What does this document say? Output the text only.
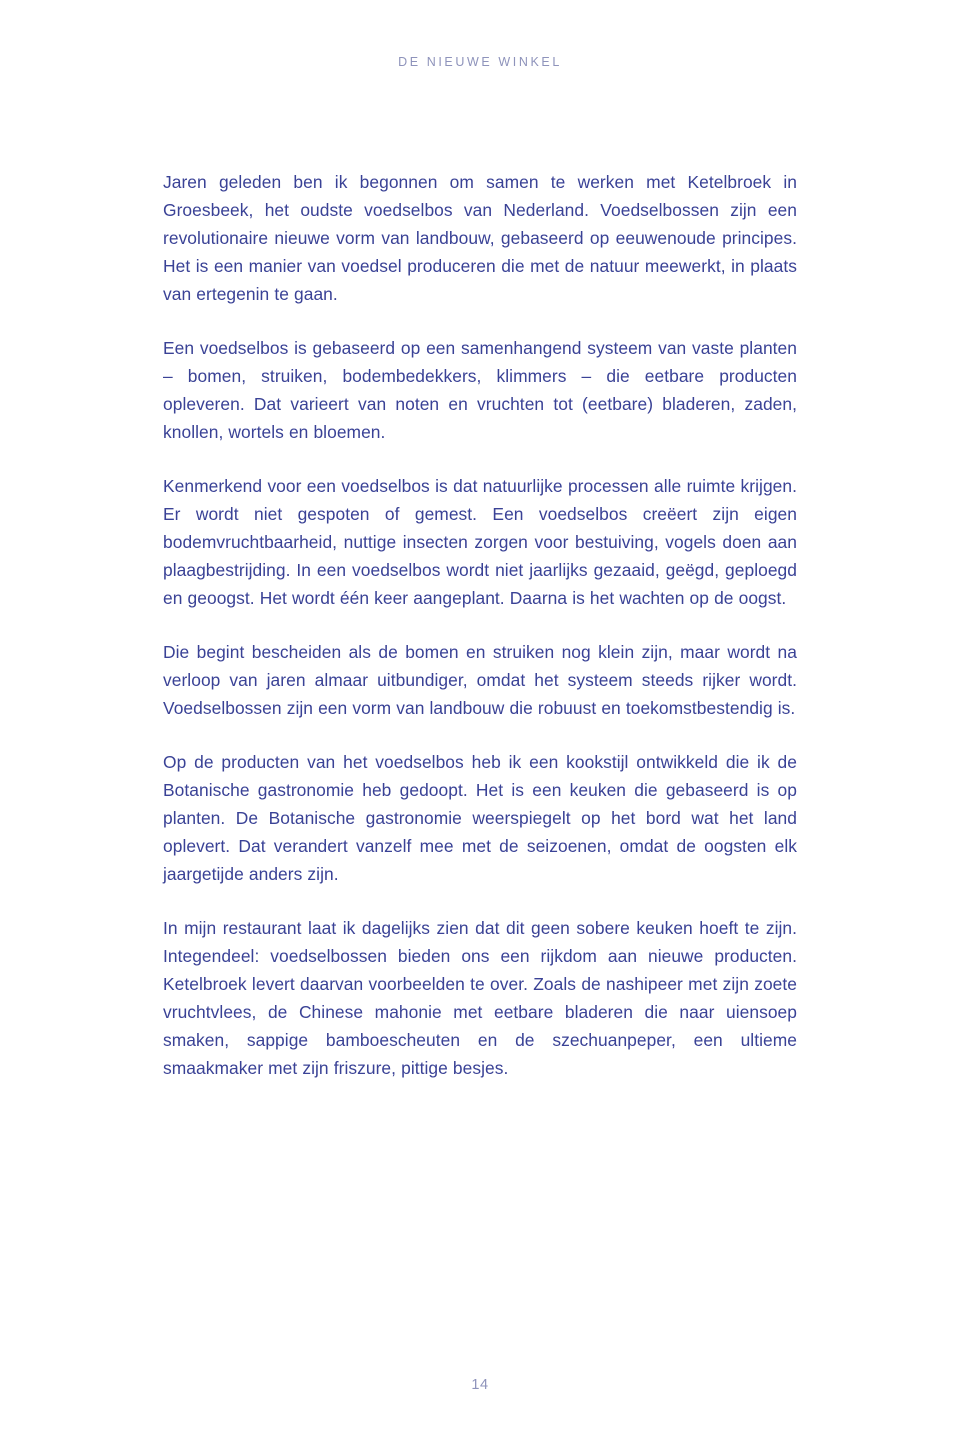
DE NIEUWE WINKEL

Jaren geleden ben ik begonnen om samen te werken met Ketelbroek in Groesbeek, het oudste voedselbos van Nederland. Voedselbossen zijn een revolutionaire nieuwe vorm van landbouw, gebaseerd op eeuwenoude principes. Het is een manier van voedsel produceren die met de natuur meewerkt, in plaats van ertegenin te gaan.

Een voedselbos is gebaseerd op een samenhangend systeem van vaste planten – bomen, struiken, bodembedekkers, klimmers – die eetbare producten opleveren. Dat varieert van noten en vruchten tot (eetbare) bladeren, zaden, knollen, wortels en bloemen.

Kenmerkend voor een voedselbos is dat natuurlijke processen alle ruimte krijgen. Er wordt niet gespoten of gemest. Een voedselbos creëert zijn eigen bodemvruchtbaarheid, nuttige insecten zorgen voor bestuiving, vogels doen aan plaagbestrijding. In een voedselbos wordt niet jaarlijks gezaaid, geëgd, geploegd en geoogst. Het wordt één keer aangeplant. Daarna is het wachten op de oogst.

Die begint bescheiden als de bomen en struiken nog klein zijn, maar wordt na verloop van jaren almaar uitbundiger, omdat het systeem steeds rijker wordt. Voedselbossen zijn een vorm van landbouw die robuust en toekomstbestendig is.

Op de producten van het voedselbos heb ik een kookstijl ontwikkeld die ik de Botanische gastronomie heb gedoopt. Het is een keuken die gebaseerd is op planten. De Botanische gastronomie weerspiegelt op het bord wat het land oplevert. Dat verandert vanzelf mee met de seizoenen, omdat de oogsten elk jaargetijde anders zijn.

In mijn restaurant laat ik dagelijks zien dat dit geen sobere keuken hoeft te zijn. Integendeel: voedselbossen bieden ons een rijkdom aan nieuwe producten. Ketelbroek levert daarvan voorbeelden te over. Zoals de nashipeer met zijn zoete vruchtvlees, de Chinese mahonie met eetbare bladeren die naar uiensoep smaken, sappige bamboescheuten en de szechuanpeper, een ultieme smaakmaker met zijn friszure, pittige besjes.

14
